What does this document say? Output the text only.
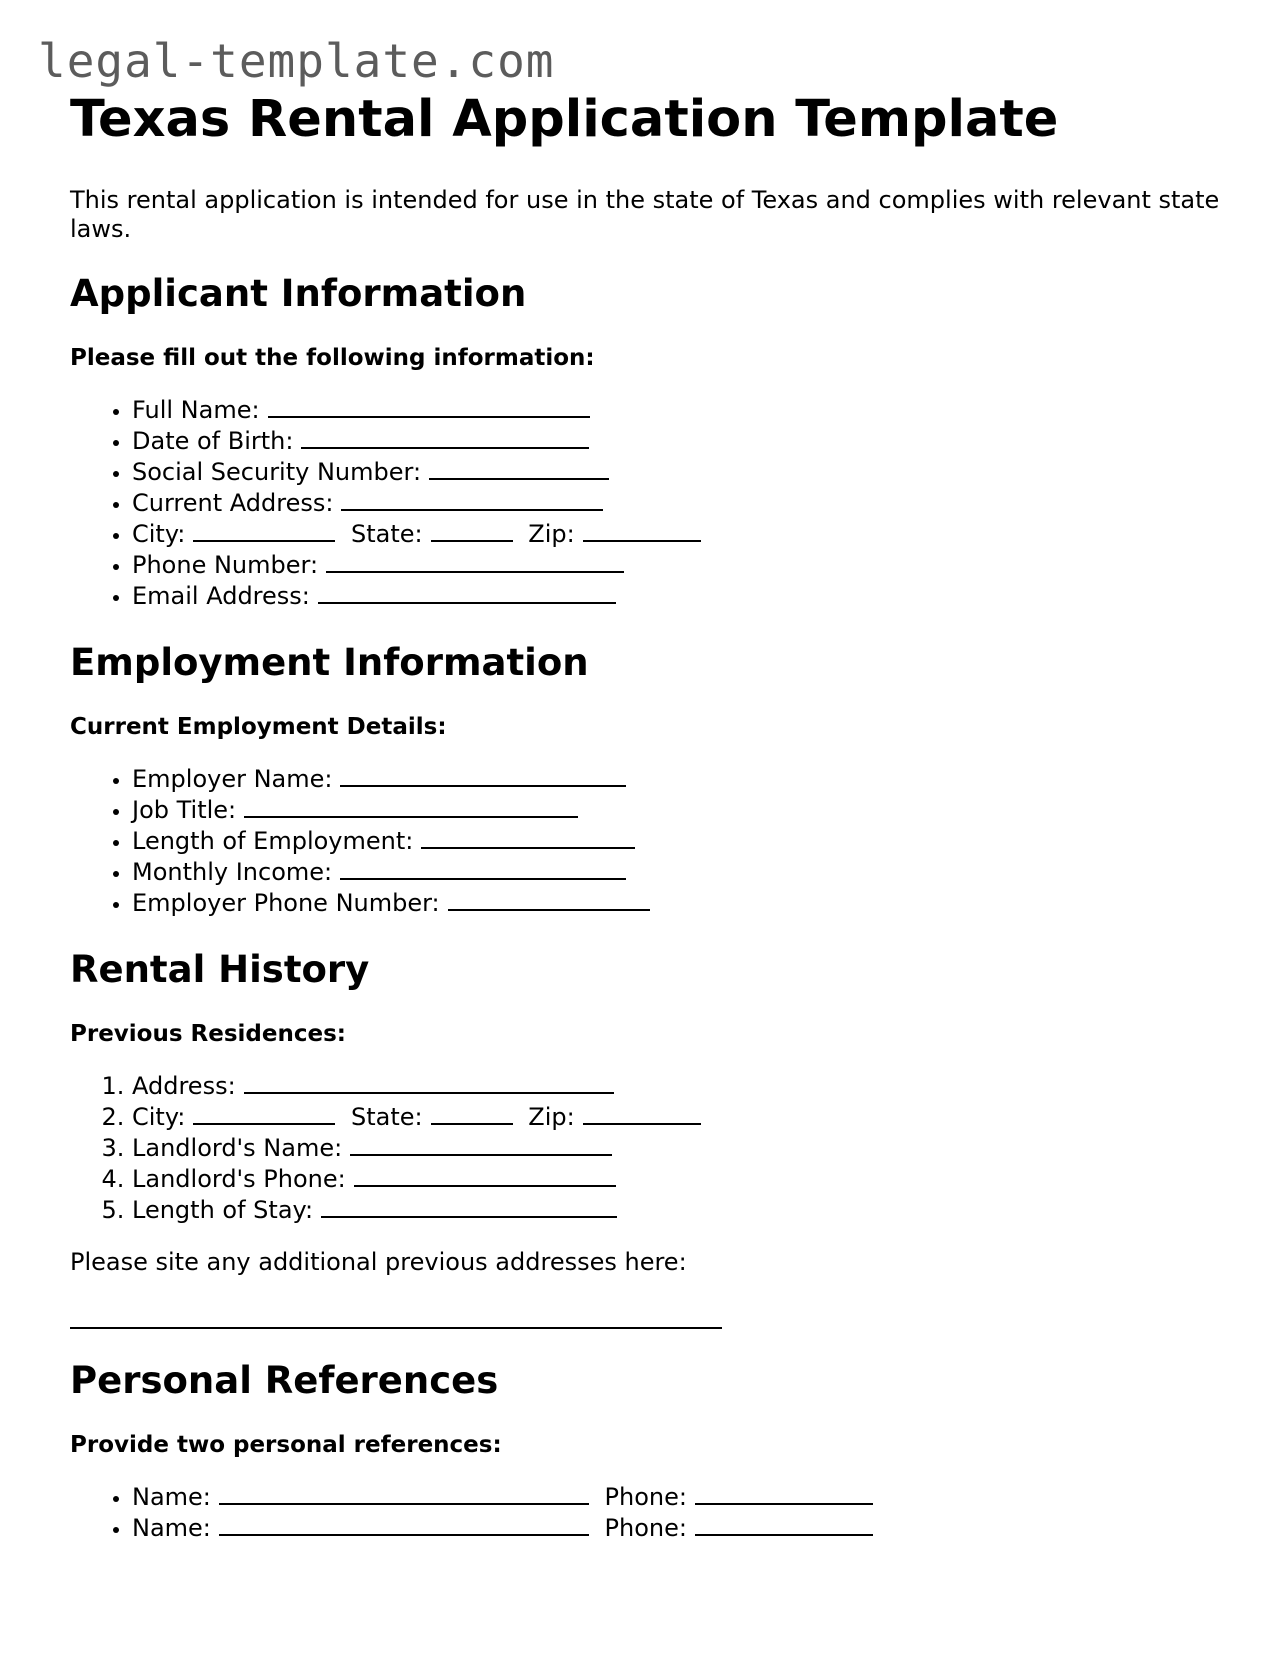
legal-template.com
Texas Rental Application Template

This rental application is intended for use in the state of Texas and complies with relevant state laws.

Applicant Information
Please fill out the following information:
• Full Name:
• Date of Birth:
• Social Security Number:
• Current Address:
• City:	State:	Zip:
• Phone Number:
• Email Address:
Employment Information
Current Employment Details:
• Employer Name:
• Job Title:
• Length of Employment:
• Monthly Income:
• Employer Phone Number:
Rental History
Previous Residences:
1. Address:
2. City:	State:	Zip:
3. Landlord's Name:
4. Landlord's Phone:
5. Length of Stay:

Please site any additional previous addresses here:

Personal References
Provide two personal references:
• Name:	Phone:
• Name:	Phone:
